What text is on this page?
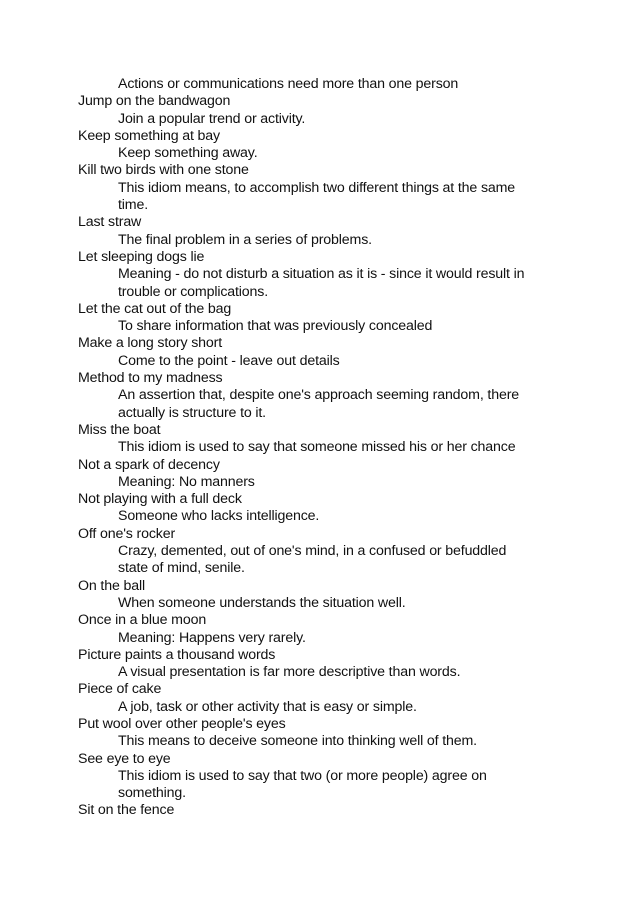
Actions or communications need more than one person
Jump on the bandwagon
Join a popular trend or activity.
Keep something at bay
Keep something away.
Kill two birds with one stone
This idiom means, to accomplish two different things at the same
time.
Last straw
The final problem in a series of problems.
Let sleeping dogs lie
Meaning - do not disturb a situation as it is - since it would result in
trouble or complications.
Let the cat out of the bag
To share information that was previously concealed
Make a long story short
Come to the point - leave out details
Method to my madness
An assertion that, despite one's approach seeming random, there
actually is structure to it.
Miss the boat
This idiom is used to say that someone missed his or her chance
Not a spark of decency
Meaning: No manners
Not playing with a full deck
Someone who lacks intelligence.
Off one's rocker
Crazy, demented, out of one's mind, in a confused or befuddled
state of mind, senile.
On the ball
When someone understands the situation well.
Once in a blue moon
Meaning: Happens very rarely.
Picture paints a thousand words
A visual presentation is far more descriptive than words.
Piece of cake
A job, task or other activity that is easy or simple.
Put wool over other people's eyes
This means to deceive someone into thinking well of them.
See eye to eye
This idiom is used to say that two (or more people) agree on
something.
Sit on the fence
